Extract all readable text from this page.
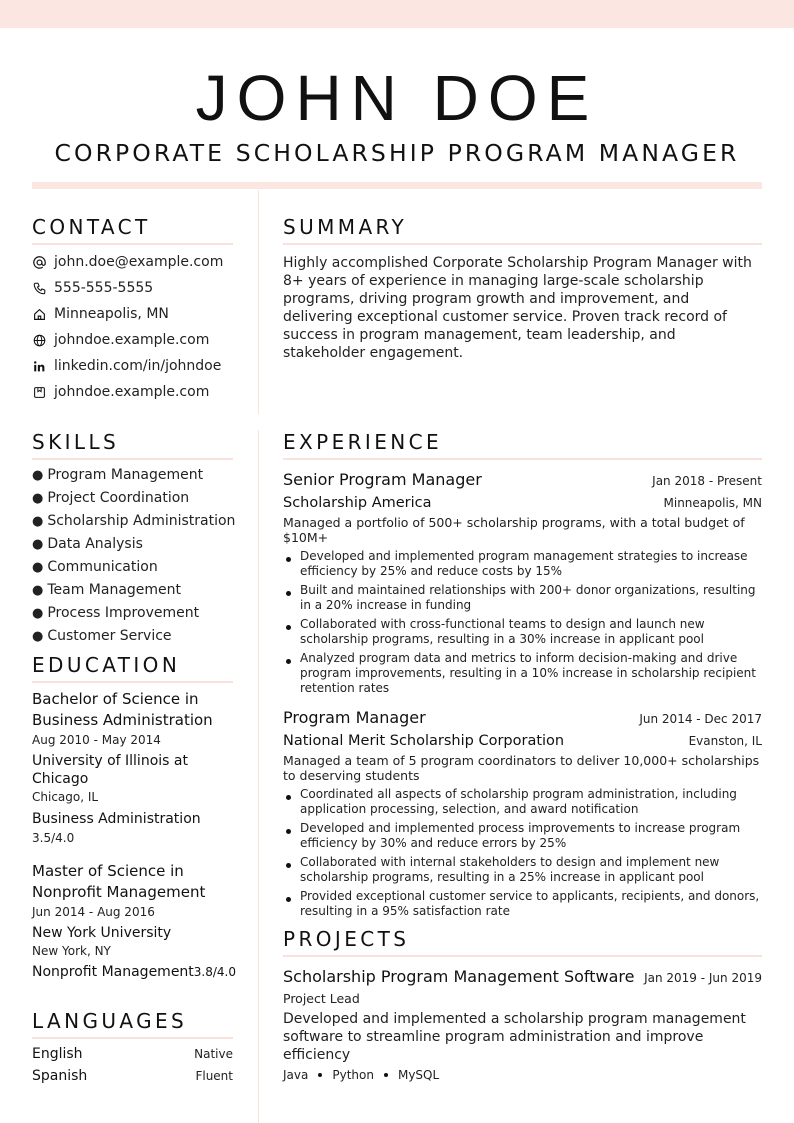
JOHN DOE
CORPORATE SCHOLARSHIP PROGRAM MANAGER
CONTACT
john.doe@example.com
555-555-5555
Minneapolis, MN
johndoe.example.com
linkedin.com/in/johndoe
johndoe.example.com
SUMMARY
Highly accomplished Corporate Scholarship Program Manager with 8+ years of experience in managing large-scale scholarship programs, driving program growth and improvement, and delivering exceptional customer service. Proven track record of success in program management, team leadership, and stakeholder engagement.
SKILLS
● Program Management
● Project Coordination
● Scholarship Administration
● Data Analysis
● Communication
● Team Management
● Process Improvement
● Customer Service
EDUCATION
Bachelor of Science in Business Administration
Aug 2010 - May 2014
University of Illinois at Chicago
Chicago, IL
Business Administration
3.5/4.0
Master of Science in Nonprofit Management
Jun 2014 - Aug 2016
New York University
New York, NY
Nonprofit Management 3.8/4.0
LANGUAGES
English	Native
Spanish	Fluent
EXPERIENCE
Senior Program Manager	Jan 2018 - Present
Scholarship America	Minneapolis, MN
Managed a portfolio of 500+ scholarship programs, with a total budget of $10M+
Developed and implemented program management strategies to increase efficiency by 25% and reduce costs by 15%
Built and maintained relationships with 200+ donor organizations, resulting in a 20% increase in funding
Collaborated with cross-functional teams to design and launch new scholarship programs, resulting in a 30% increase in applicant pool
Analyzed program data and metrics to inform decision-making and drive program improvements, resulting in a 10% increase in scholarship recipient retention rates
Program Manager	Jun 2014 - Dec 2017
National Merit Scholarship Corporation	Evanston, IL
Managed a team of 5 program coordinators to deliver 10,000+ scholarships to deserving students
Coordinated all aspects of scholarship program administration, including application processing, selection, and award notification
Developed and implemented process improvements to increase program efficiency by 30% and reduce errors by 25%
Collaborated with internal stakeholders to design and implement new scholarship programs, resulting in a 25% increase in applicant pool
Provided exceptional customer service to applicants, recipients, and donors, resulting in a 95% satisfaction rate
PROJECTS
Scholarship Program Management Software Jan 2019 - Jun 2019
Project Lead
Developed and implemented a scholarship program management software to streamline program administration and improve efficiency
Java Python MySQL
